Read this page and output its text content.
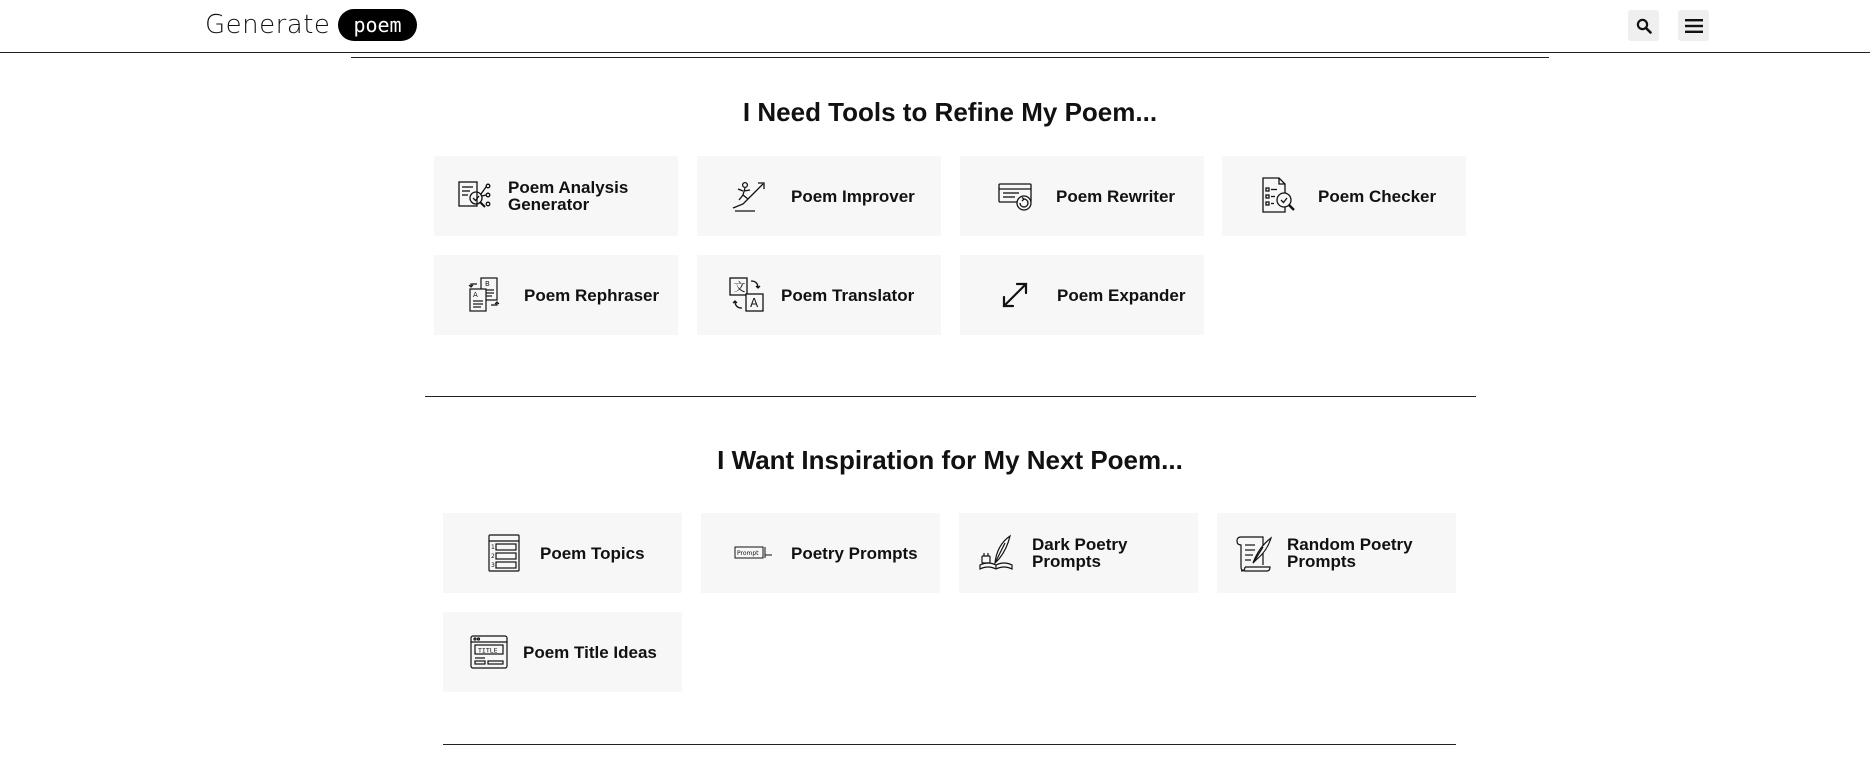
Generate	poem
I Need Tools to Refine My Poem...
Poem Analysis
Generator	Poem Improver	Poem Rewriter	Poem Checker
B
A	Poem Rephraser	文
A Poem Translator	Poem Expander
I Want Inspiration for My Next Poem...
1
2
3
Poem Topics	Prompt Poetry Prompts	Dark Poetry
Prompts
Random Poetry
Prompts
TITLE Poem Title Ideas
